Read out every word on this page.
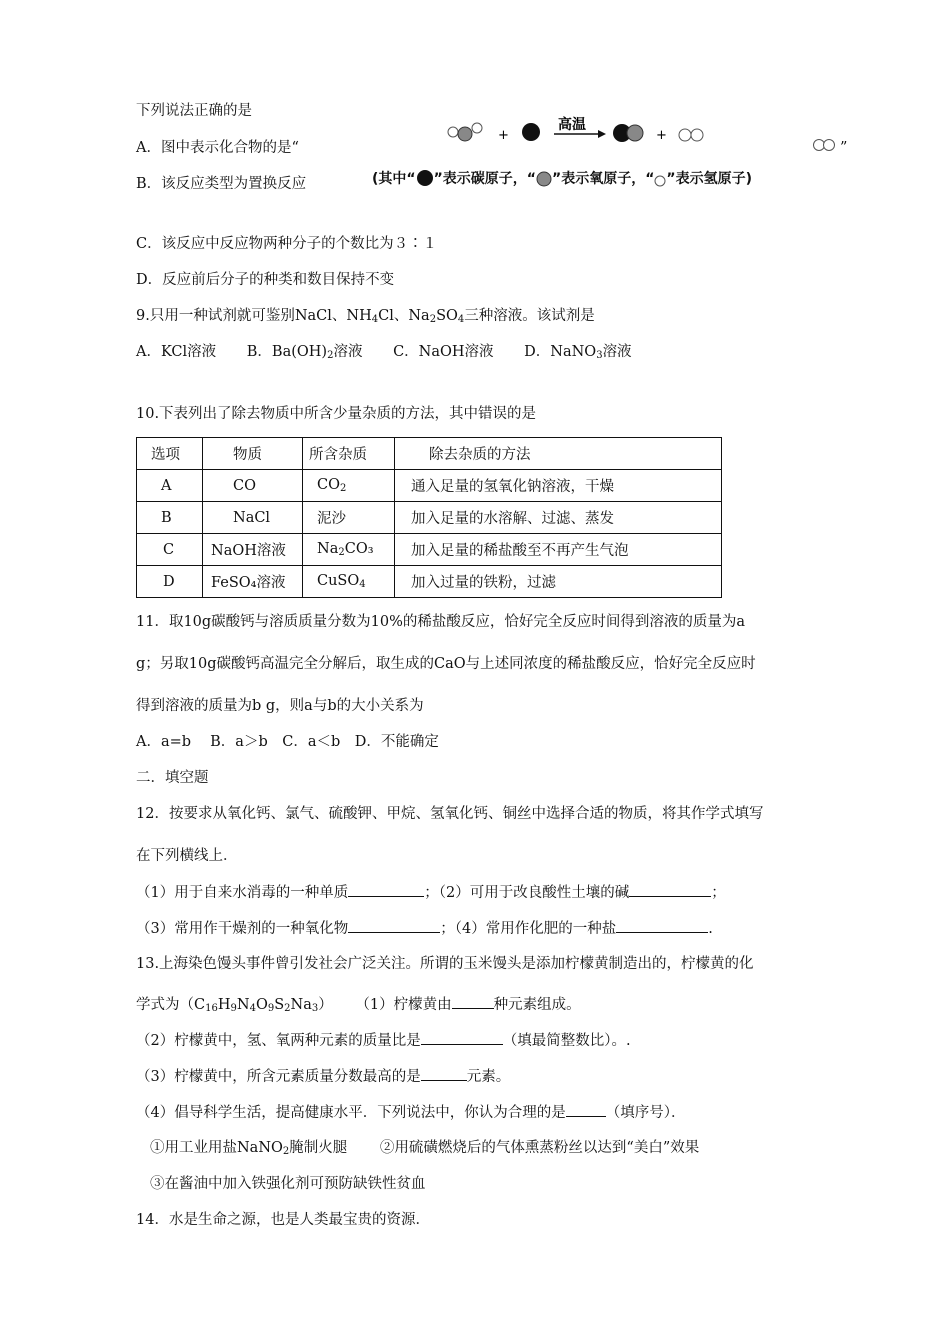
下列说法正确的是
A．图中表示化合物的是“	”
B．该反应类型为置换反应
+
高温
+
(其中“ ”表示碳原子，“ ”表示氧原子，“ ”表示氢原子)
C．该反应中反应物两种分子的个数比为３∶１
D．反应前后分子的种类和数目保持不变
9.只用一种试剂就可鉴别NaCl、$NH_4Cl$、$Na_2SO_4$三种溶液。该试剂是
A．KCl溶液 B．$Ba(OH)_2$溶液 C．NaOH溶液 D．NaNO$_3$溶液
10.下表列出了除去物质中所含少量杂质的方法，其中错误的是
选项	物质	所含杂质	除去杂质的方法
A	CO	$CO_2$	通入足量的氢氧化钠溶液，干燥
B	NaCl	泥沙	加入足量的水溶解、过滤、蒸发
C	NaOH溶液	$Na_2CO_3$	加入足量的稀盐酸至不再产生气泡
D	FeSO₄溶液	CuSO$_4$	加入过量的铁粉，过滤
11．取10g碳酸钙与溶质质量分数为10%的稀盐酸反应，恰好完全反应时间得到溶液的质量为a
g；另取10g碳酸钙高温完全分解后，取生成的CaO与上述同浓度的稀盐酸反应，恰好完全反应时
得到溶液的质量为b g，则a与b的大小关系为
A．a=b　 B．a＞b　C．a＜b　D．不能确定
二．填空题
12．按要求从氧化钙、氯气、硫酸钾、甲烷、氢氧化钙、铜丝中选择合适的物质，将其作学式填写
在下列横线上．
（1）用于自来水消毒的一种单质	；（2）可用于改良酸性土壤的碱	；
（3）常用作干燥剂的一种氧化物	；（4）常用作化肥的一种盐	.
13.上海染色馒头事件曾引发社会广泛关注。所谓的玉米馒头是添加柠檬黄制造出的，柠檬黄的化
学式为$(C_{16}H_9N_4O_9S_2Na_3)$ （1）柠檬黄由	种元素组成。
（2）柠檬黄中，氢、氧两种元素的质量比是	（填最简整数比）。.
（3）柠檬黄中，所含元素质量分数最高的是	元素。
（4）倡导科学生活，提高健康水平．下列说法中，你认为合理的是	（填序号）．
①用工业用盐NaNO$_2$腌制火腿 ②用硫磺燃烧后的气体熏蒸粉丝以达到“美白”效果
③在酱油中加入铁强化剂可预防缺铁性贫血
14．水是生命之源，也是人类最宝贵的资源．
